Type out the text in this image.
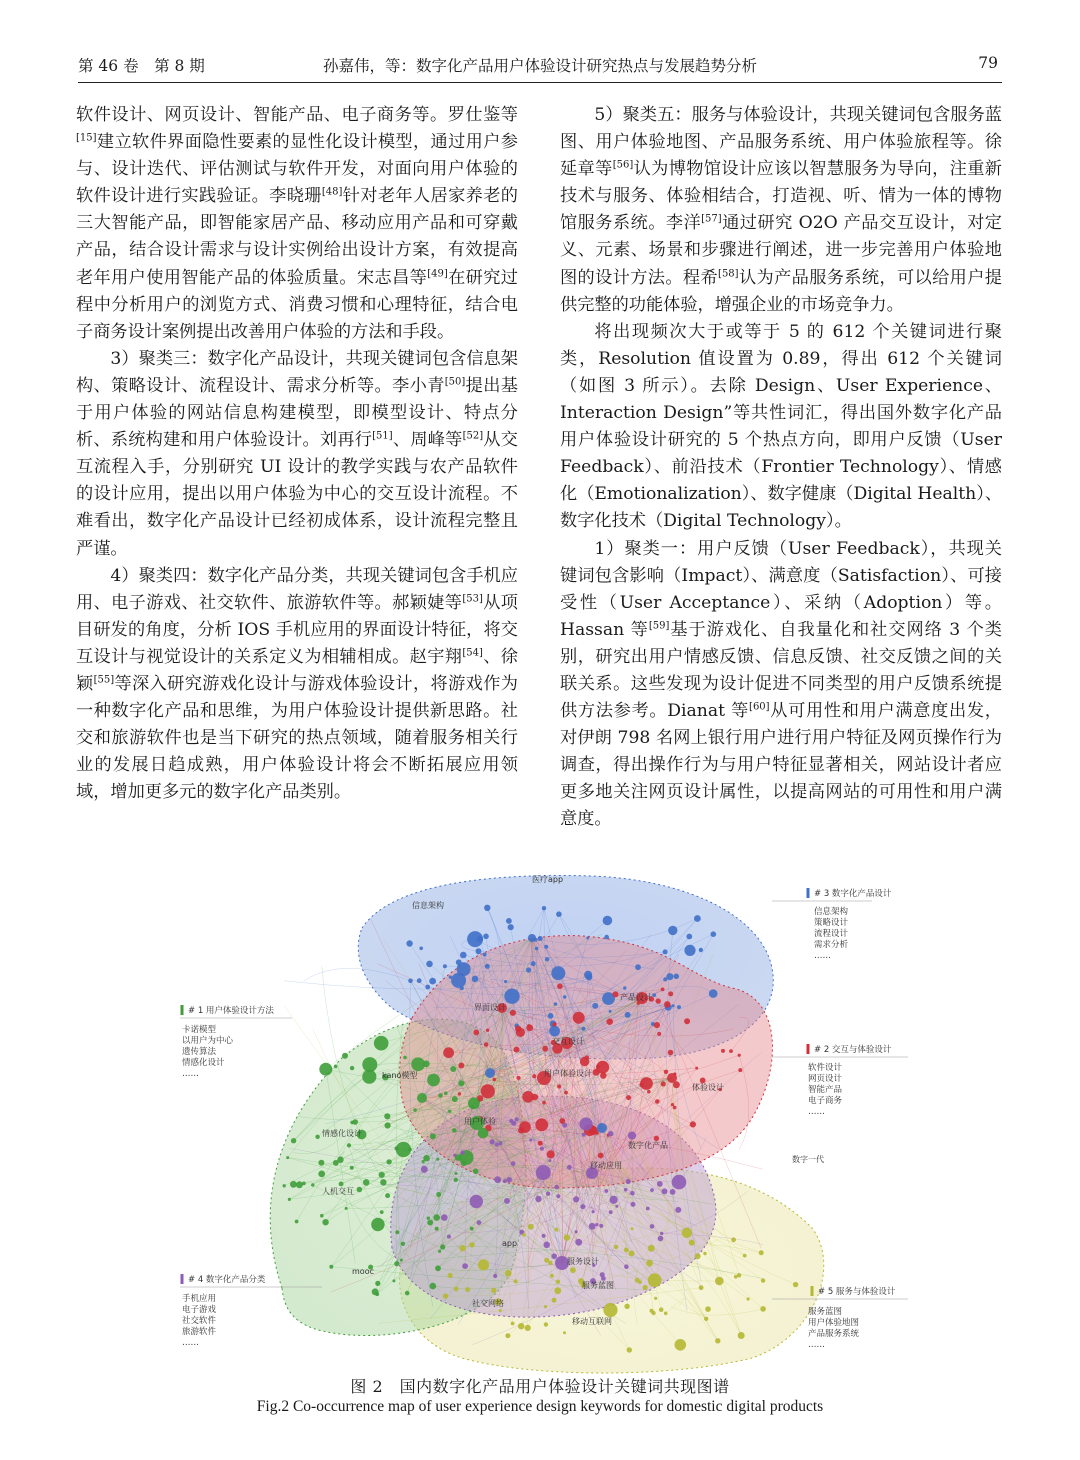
第 46 卷　第 8 期	孙嘉伟，等：数字化产品用户体验设计研究热点与发展趋势分析	79

软件设计、网页设计、智能产品、电子商务等。罗仕鉴等[15]建立软件界面隐性要素的显性化设计模型，通过用户参与、设计迭代、评估测试与软件开发，对面向用户体验的软件设计进行实践验证。李晓珊[48]针对老年人居家养老的三大智能产品，即智能家居产品、移动应用产品和可穿戴产品，结合设计需求与设计实例给出设计方案，有效提高老年用户使用智能产品的体验质量。宋志昌等[49]在研究过程中分析用户的浏览方式、消费习惯和心理特征，结合电子商务设计案例提出改善用户体验的方法和手段。

3）聚类三：数字化产品设计，共现关键词包含信息架构、策略设计、流程设计、需求分析等。李小青[50]提出基于用户体验的网站信息构建模型，即模型设计、特点分析、系统构建和用户体验设计。刘再行[51]、周峰等[52]从交互流程入手，分别研究 UI 设计的教学实践与农产品软件的设计应用，提出以用户体验为中心的交互设计流程。不难看出，数字化产品设计已经初成体系，设计流程完整且严谨。

4）聚类四：数字化产品分类，共现关键词包含手机应用、电子游戏、社交软件、旅游软件等。郝颖婕等[53]从项目研发的角度，分析 IOS 手机应用的界面设计特征，将交互设计与视觉设计的关系定义为相辅相成。赵宇翔[54]、徐颖[55]等深入研究游戏化设计与游戏体验设计，将游戏作为一种数字化产品和思维，为用户体验设计提供新思路。社交和旅游软件也是当下研究的热点领域，随着服务相关行业的发展日趋成熟，用户体验设计将会不断拓展应用领域，增加更多元的数字化产品类别。

5）聚类五：服务与体验设计，共现关键词包含服务蓝图、用户体验地图、产品服务系统、用户体验旅程等。徐延章等[56]认为博物馆设计应该以智慧服务为导向，注重新技术与服务、体验相结合，打造视、听、情为一体的博物馆服务系统。李洋[57]通过研究 O2O 产品交互设计，对定义、元素、场景和步骤进行阐述，进一步完善用户体验地图的设计方法。程希[58]认为产品服务系统，可以给用户提供完整的功能体验，增强企业的市场竞争力。

将出现频次大于或等于 5 的 612 个关键词进行聚类，Resolution 值设置为 0.89，得出 612 个关键词（如图 3 所示）。去除 Design、User Experience、Interaction Design”等共性词汇，得出国外数字化产品用户体验设计研究的 5 个热点方向，即用户反馈（User Feedback）、前沿技术（Frontier Technology）、情感化（Emotionalization）、数字健康（Digital Health）、数字化技术（Digital Technology）。

1）聚类一：用户反馈（User Feedback），共现关键词包含影响（Impact）、满意度（Satisfaction）、可接受性（User Acceptance）、采纳（Adoption）等。Hassan 等[59]基于游戏化、自我量化和社交网络 3 个类别，研究出用户情感反馈、信息反馈、社交反馈之间的关联关系。这些发现为设计促进不同类型的用户反馈系统提供方法参考。Dianat 等[60]从可用性和用户满意度出发，对伊朗 798 名网上银行用户进行用户特征及网页操作行为调查，得出操作行为与用户特征显著相关，网站设计者应更多地关注网页设计属性，以提高网站的可用性和用户满意度。

用户体验设计
交互设计
界面设计
用户体验
情感化设计
服务设计
移动应用
数字化产品
产品设计
app
服务蓝图
信息架构
医疗app
数字一代
mooc
kano模型
人机交互
社交网络
体验设计
移动互联网
# 3 数字化产品设计
信息架构
策略设计
流程设计
需求分析
……
# 1 用户体验设计方法
卡诺模型
以用户为中心
遗传算法
情感化设计
……
# 2 交互与体验设计
软件设计
网页设计
智能产品
电子商务
……
# 4 数字化产品分类
手机应用
电子游戏
社交软件
旅游软件
……
# 5 服务与体验设计
服务蓝图
用户体验地图
产品服务系统
……
图 2　国内数字化产品用户体验设计关键词共现图谱
Fig.2 Co-occurrence map of user experience design keywords for domestic digital products
